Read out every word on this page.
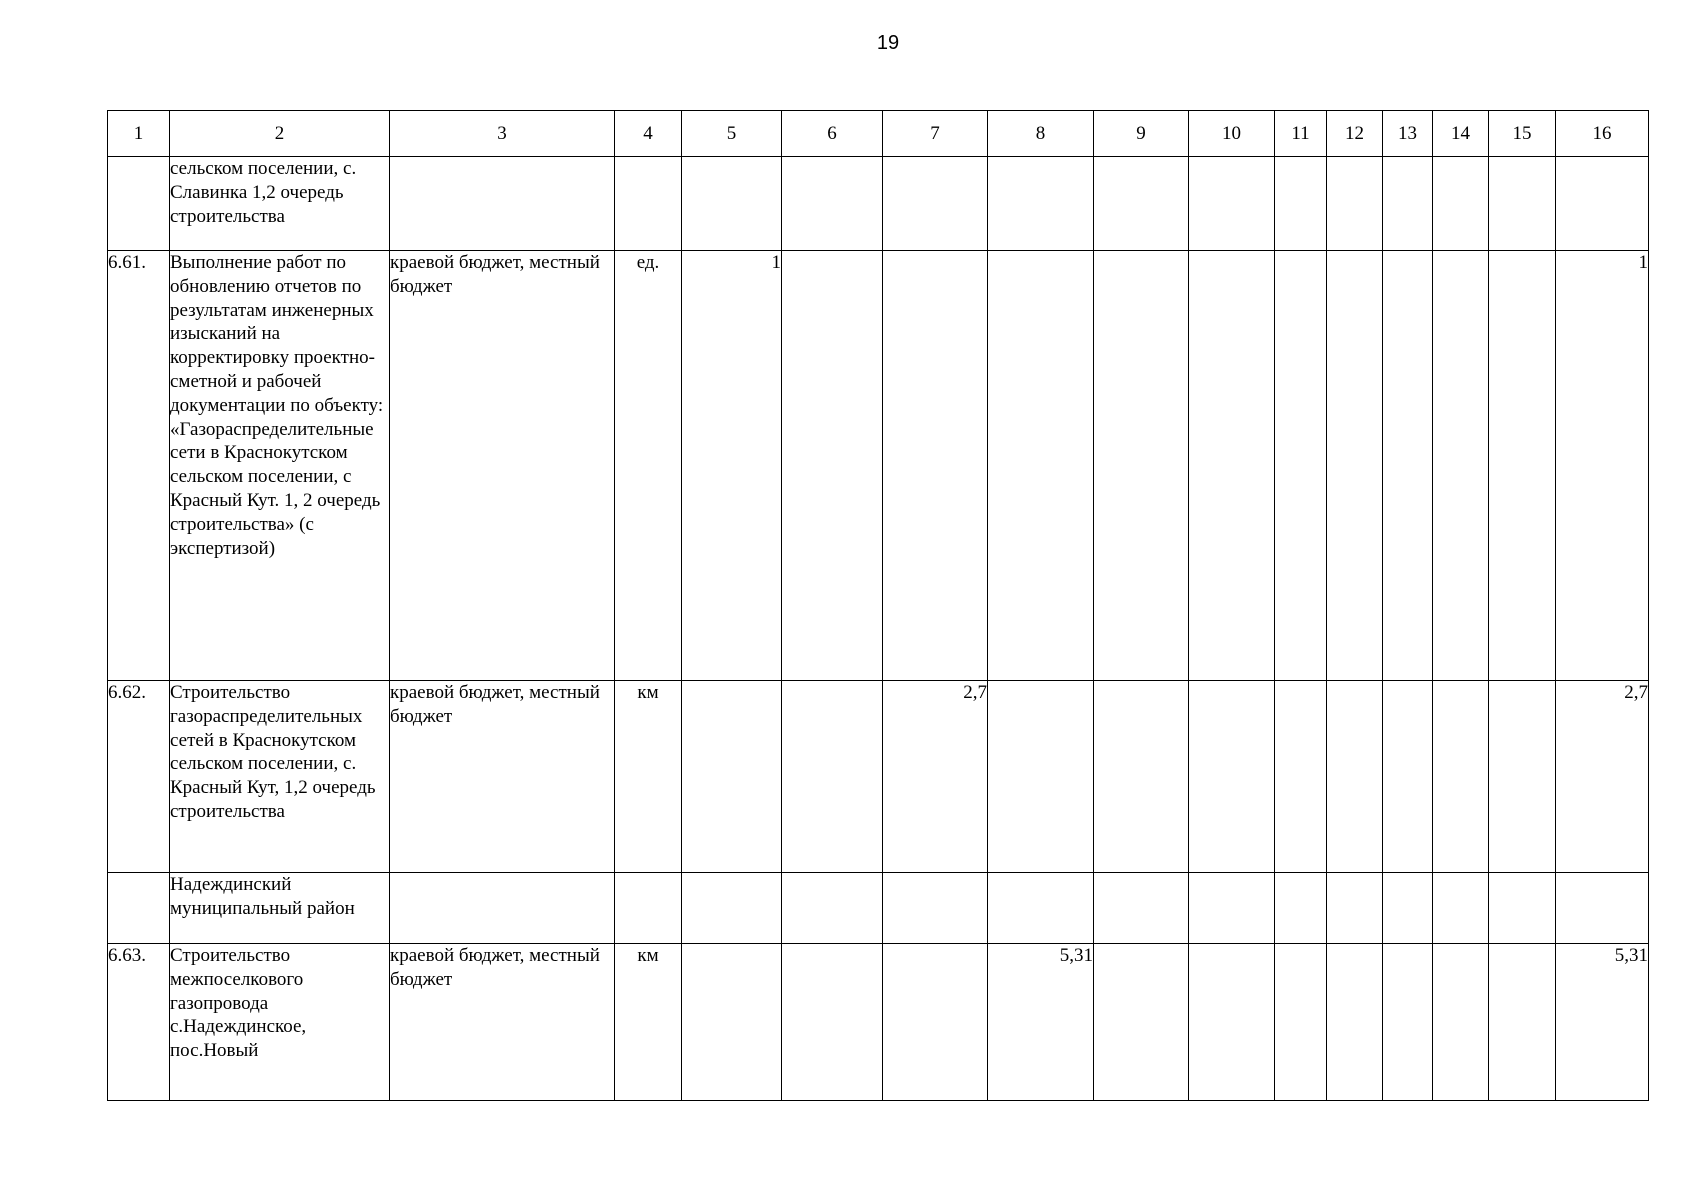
19
1	2	3	4	5	6	7	8	9	10	11	12	13	14	15	16
	сельском поселении, с. Славинка 1,2 очередь строительства														
6.61.	Выполнение работ по обновлению отчетов по результатам инженерных изысканий на корректировку проектно-сметной и рабочей документации по объекту: «Газораспределительные сети в Краснокутском сельском поселении, с Красный Кут. 1, 2 очередь строительства» (с экспертизой)	краевой бюджет, местный бюджет	ед.	1											1
6.62.	Строительство газораспределительных сетей в Краснокутском сельском поселении, с. Красный Кут, 1,2 очередь строительства	краевой бюджет, местный бюджет	км			2,7									2,7
	Надеждинский муниципальный район														
6.63.	Строительство межпоселкового газопровода с.Надеждинское, пос.Новый	краевой бюджет, местный бюджет	км				5,31								5,31
